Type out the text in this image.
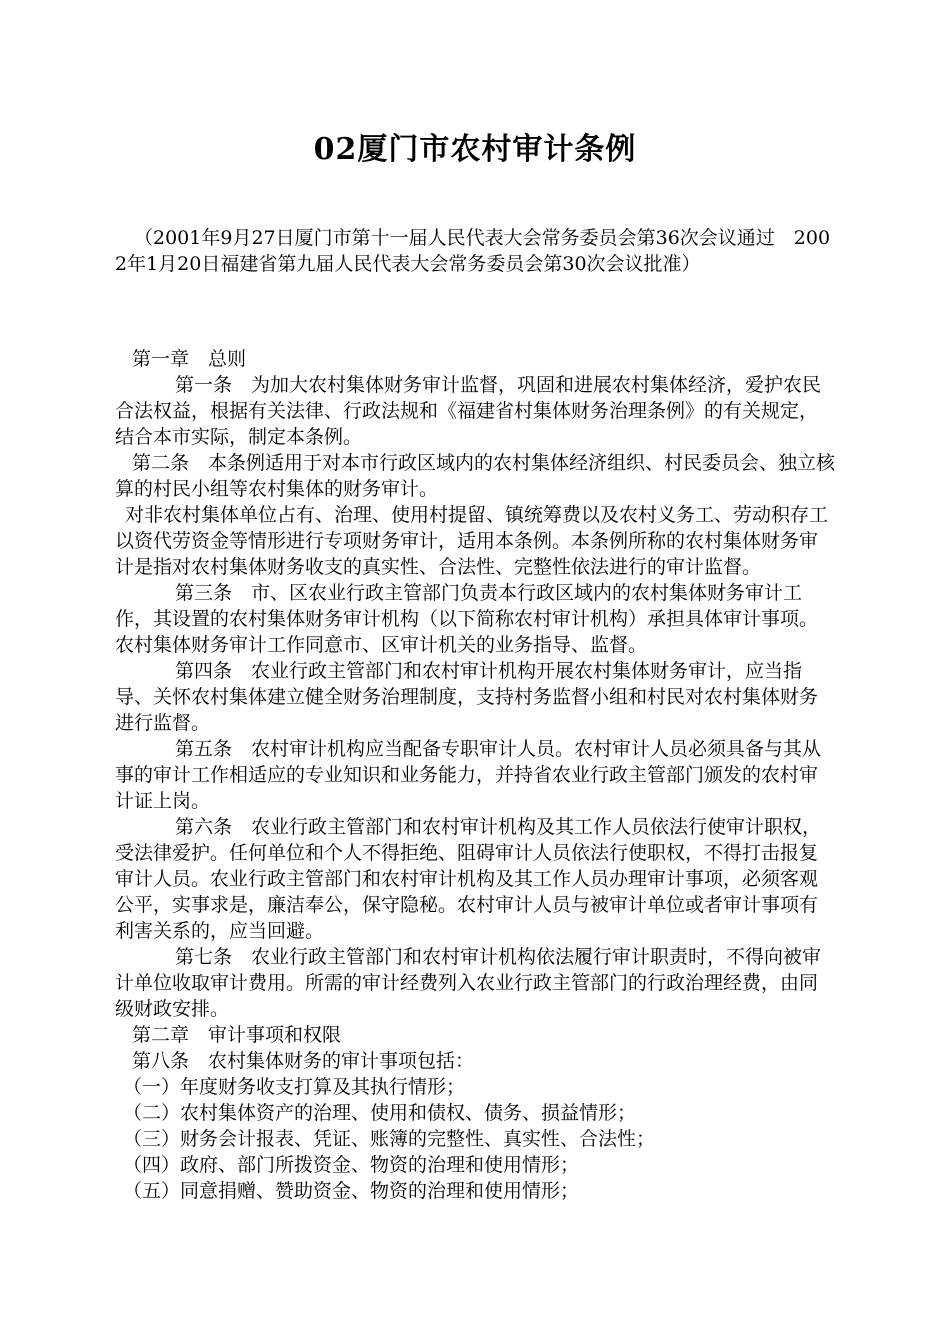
02厦门市农村审计条例

（2001年9月27日厦门市第十一届人民代表大会常务委员会第36次会议通过　2002年1月20日福建省第九届人民代表大会常务委员会第30次会议批准）

第一章　总则

第一条　为加大农村集体财务审计监督，巩固和进展农村集体经济，爱护农民合法权益，根据有关法律、行政法规和《福建省村集体财务治理条例》的有关规定，结合本市实际，制定本条例。

第二条　本条例适用于对本市行政区域内的农村集体经济组织、村民委员会、独立核算的村民小组等农村集体的财务审计。

对非农村集体单位占有、治理、使用村提留、镇统筹费以及农村义务工、劳动积存工以资代劳资金等情形进行专项财务审计，适用本条例。本条例所称的农村集体财务审计是指对农村集体财务收支的真实性、合法性、完整性依法进行的审计监督。

第三条　市、区农业行政主管部门负责本行政区域内的农村集体财务审计工作，其设置的农村集体财务审计机构（以下简称农村审计机构）承担具体审计事项。农村集体财务审计工作同意市、区审计机关的业务指导、监督。

第四条　农业行政主管部门和农村审计机构开展农村集体财务审计，应当指导、关怀农村集体建立健全财务治理制度，支持村务监督小组和村民对农村集体财务进行监督。

第五条　农村审计机构应当配备专职审计人员。农村审计人员必须具备与其从事的审计工作相适应的专业知识和业务能力，并持省农业行政主管部门颁发的农村审计证上岗。

第六条　农业行政主管部门和农村审计机构及其工作人员依法行使审计职权，受法律爱护。任何单位和个人不得拒绝、阻碍审计人员依法行使职权，不得打击报复审计人员。农业行政主管部门和农村审计机构及其工作人员办理审计事项，必须客观公平，实事求是，廉洁奉公，保守隐秘。农村审计人员与被审计单位或者审计事项有利害关系的，应当回避。

第七条　农业行政主管部门和农村审计机构依法履行审计职责时，不得向被审计单位收取审计费用。所需的审计经费列入农业行政主管部门的行政治理经费，由同级财政安排。

第二章　审计事项和权限

第八条　农村集体财务的审计事项包括：

（一）年度财务收支打算及其执行情形；

（二）农村集体资产的治理、使用和债权、债务、损益情形；

（三）财务会计报表、凭证、账簿的完整性、真实性、合法性；

（四）政府、部门所拨资金、物资的治理和使用情形；

（五）同意捐赠、赞助资金、物资的治理和使用情形；
